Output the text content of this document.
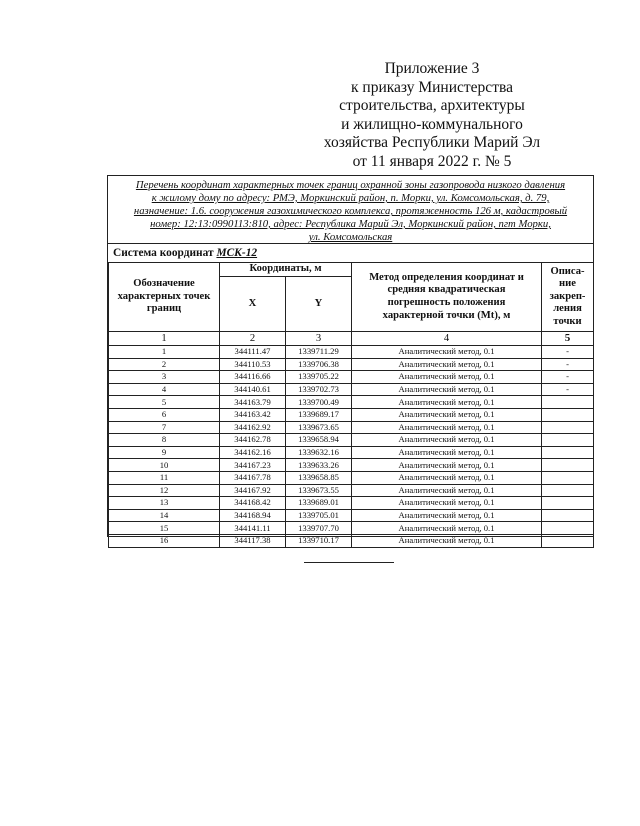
Приложение 3
к приказу Министерства
строительства, архитектуры
и жилищно-коммунального
хозяйства Республики Марий Эл
от 11 января 2022 г. № 5
Перечень координат характерных точек границ охранной зоны газопровода низкого давления
к жилому дому по адресу: РМЭ, Моркинский район, п. Морки, ул. Комсомольская, д. 79,
назначение: 1.6. сооружения газохимического комплекса, протяженность 126 м, кадастровый
номер: 12:13:0990113:810, адрес: Республика Марий Эл, Моркинский район, пгт Морки,
ул. Комсомольская
Система координат МСК-12
Обозначение характерных точек границ	Координаты, м		Метод определения координат и средняя квадратическая погрешность положения характерной точки (Mt), м	Описа-ние закреп-ления точки
	X	Y		
1	2	3	4	5
1	344111.47	1339711.29	Аналитический метод, 0.1	-
2	344110.53	1339706.38	Аналитический метод, 0.1	-
3	344116.66	1339705.22	Аналитический метод, 0.1	-
4	344140.61	1339702.73	Аналитический метод, 0.1	-
5	344163.79	1339700.49	Аналитический метод, 0.1	
6	344163.42	1339689.17	Аналитический метод, 0.1	
7	344162.92	1339673.65	Аналитический метод, 0.1	
8	344162.78	1339658.94	Аналитический метод, 0.1	
9	344162.16	1339632.16	Аналитический метод, 0.1	
10	344167.23	1339633.26	Аналитический метод, 0.1	
11	344167.78	1339658.85	Аналитический метод, 0.1	
12	344167.92	1339673.55	Аналитический метод, 0.1	
13	344168.42	1339689.01	Аналитический метод, 0.1	
14	344168.94	1339705.01	Аналитический метод, 0.1	
15	344141.11	1339707.70	Аналитический метод, 0.1	
16	344117.38	1339710.17	Аналитический метод, 0.1	
